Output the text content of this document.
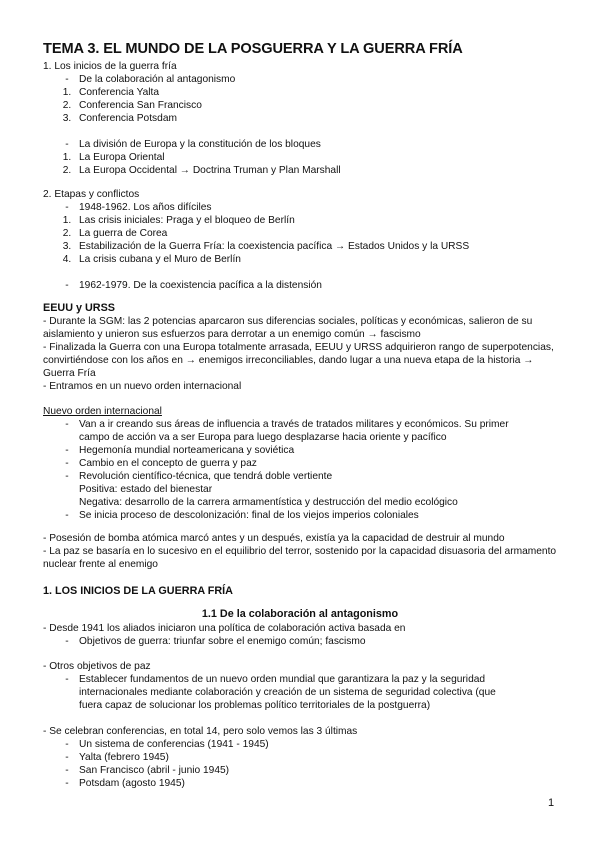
TEMA 3. EL MUNDO DE LA POSGUERRA Y LA GUERRA FRÍA
1. Los inicios de la guerra fría
-	De la colaboración al antagonismo
1. Conferencia Yalta
2. Conferencia San Francisco
3. Conferencia Potsdam
-	La división de Europa y la constitución de los bloques
1. La Europa Oriental
2. La Europa Occidental → Doctrina Truman y Plan Marshall
2. Etapas y conflictos
-	1948-1962. Los años difíciles
1. Las crisis iniciales: Praga y el bloqueo de Berlín
2. La guerra de Corea
3. Estabilización de la Guerra Fría: la coexistencia pacífica → Estados Unidos y la URSS
4. La crisis cubana y el Muro de Berlín
-	1962-1979. De la coexistencia pacífica a la distensión
EEUU y URSS
- Durante la SGM: las 2 potencias aparcaron sus diferencias sociales, políticas y económicas, salieron de su aislamiento y unieron sus esfuerzos para derrotar a un enemigo común → fascismo
- Finalizada la Guerra con una Europa totalmente arrasada, EEUU y URSS adquirieron rango de superpotencias, convirtiéndose con los años en → enemigos irreconciliables, dando lugar a una nueva etapa de la historia → Guerra Fría
- Entramos en un nuevo orden internacional
Nuevo orden internacional
-	Van a ir creando sus áreas de influencia a través de tratados militares y económicos. Su primer
campo de acción va a ser Europa para luego desplazarse hacia oriente y pacífico
-	Hegemonía mundial norteamericana y soviética
-	Cambio en el concepto de guerra y paz
-	Revolución científico-técnica, que tendrá doble vertiente
Positiva: estado del bienestar
Negativa: desarrollo de la carrera armamentística y destrucción del medio ecológico
-	Se inicia proceso de descolonización: final de los viejos imperios coloniales
- Posesión de bomba atómica marcó antes y un después, existía ya la capacidad de destruir al mundo
- La paz se basaría en lo sucesivo en el equilibrio del terror, sostenido por la capacidad disuasoria del armamento nuclear frente al enemigo
1. LOS INICIOS DE LA GUERRA FRÍA
1.1 De la colaboración al antagonismo
- Desde 1941 los aliados iniciaron una política de colaboración activa basada en
-	Objetivos de guerra: triunfar sobre el enemigo común; fascismo
- Otros objetivos de paz
-	Establecer fundamentos de un nuevo orden mundial que garantizara la paz y la seguridad
internacionales mediante colaboración y creación de un sistema de seguridad colectiva (que
fuera capaz de solucionar los problemas político territoriales de la postguerra)
- Se celebran conferencias, en total 14, pero solo vemos las 3 últimas
-	Un sistema de conferencias (1941 - 1945)
-	Yalta (febrero 1945)
-	San Francisco (abril - junio 1945)
-	Potsdam (agosto 1945)
1
